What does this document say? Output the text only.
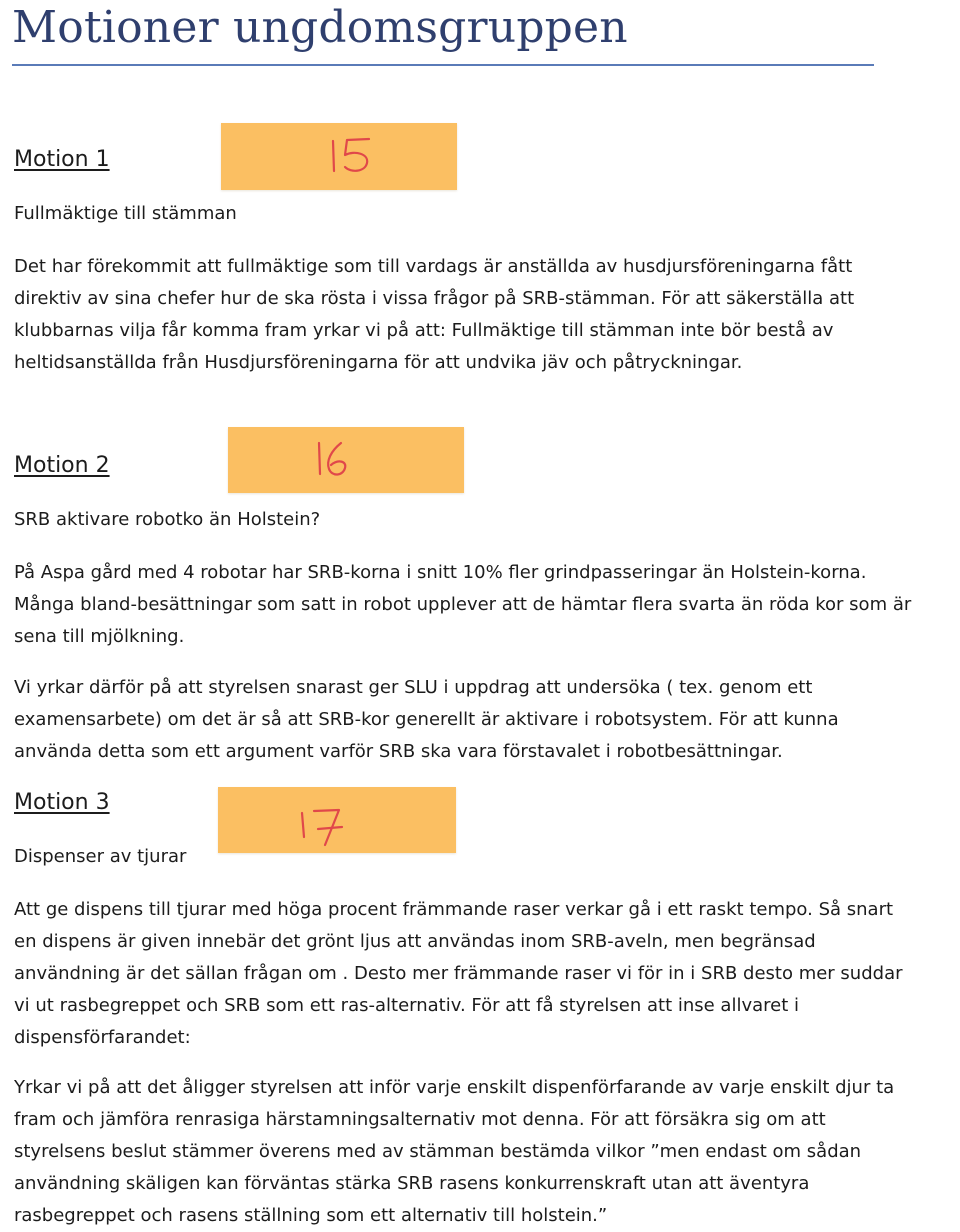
Motioner ungdomsgruppen
Motion 1
Fullmäktige till stämman
Det har förekommit att fullmäktige som till vardags är anställda av husdjursföreningarna fått direktiv av sina chefer hur de ska rösta i vissa frågor på SRB-stämman. För att säkerställa att klubbarnas vilja får komma fram yrkar vi på att: Fullmäktige till stämman inte bör bestå av heltidsanställda från Husdjursföreningarna för att undvika jäv och påtryckningar.
Motion 2
SRB aktivare robotko än Holstein?
På Aspa gård med 4 robotar har SRB-korna i snitt 10% fler grindpasseringar än Holstein-korna. Många bland-besättningar som satt in robot upplever att de hämtar flera svarta än röda kor som är sena till mjölkning.
Vi yrkar därför på att styrelsen snarast ger SLU i uppdrag att undersöka ( tex. genom ett examensarbete) om det är så att SRB-kor generellt är aktivare i robotsystem. För att kunna använda detta som ett argument varför SRB ska vara förstavalet i robotbesättningar.
Motion 3
Dispenser av tjurar
Att ge dispens till tjurar med höga procent främmande raser verkar gå i ett raskt tempo. Så snart en dispens är given innebär det grönt ljus att användas inom SRB-aveln, men begränsad användning är det sällan frågan om . Desto mer främmande raser vi för in i SRB desto mer suddar vi ut rasbegreppet och SRB som ett ras-alternativ. För att få styrelsen att inse allvaret i dispensförfarandet:
Yrkar vi på att det åligger styrelsen att inför varje enskilt dispenförfarande av varje enskilt djur ta fram och jämföra renrasiga härstamningsalternativ mot denna. För att försäkra sig om att styrelsens beslut stämmer överens med av stämman bestämda vilkor ”men endast om sådan användning skäligen kan förväntas stärka SRB rasens konkurrenskraft utan att äventyra rasbegreppet och rasens ställning som ett alternativ till holstein.”
